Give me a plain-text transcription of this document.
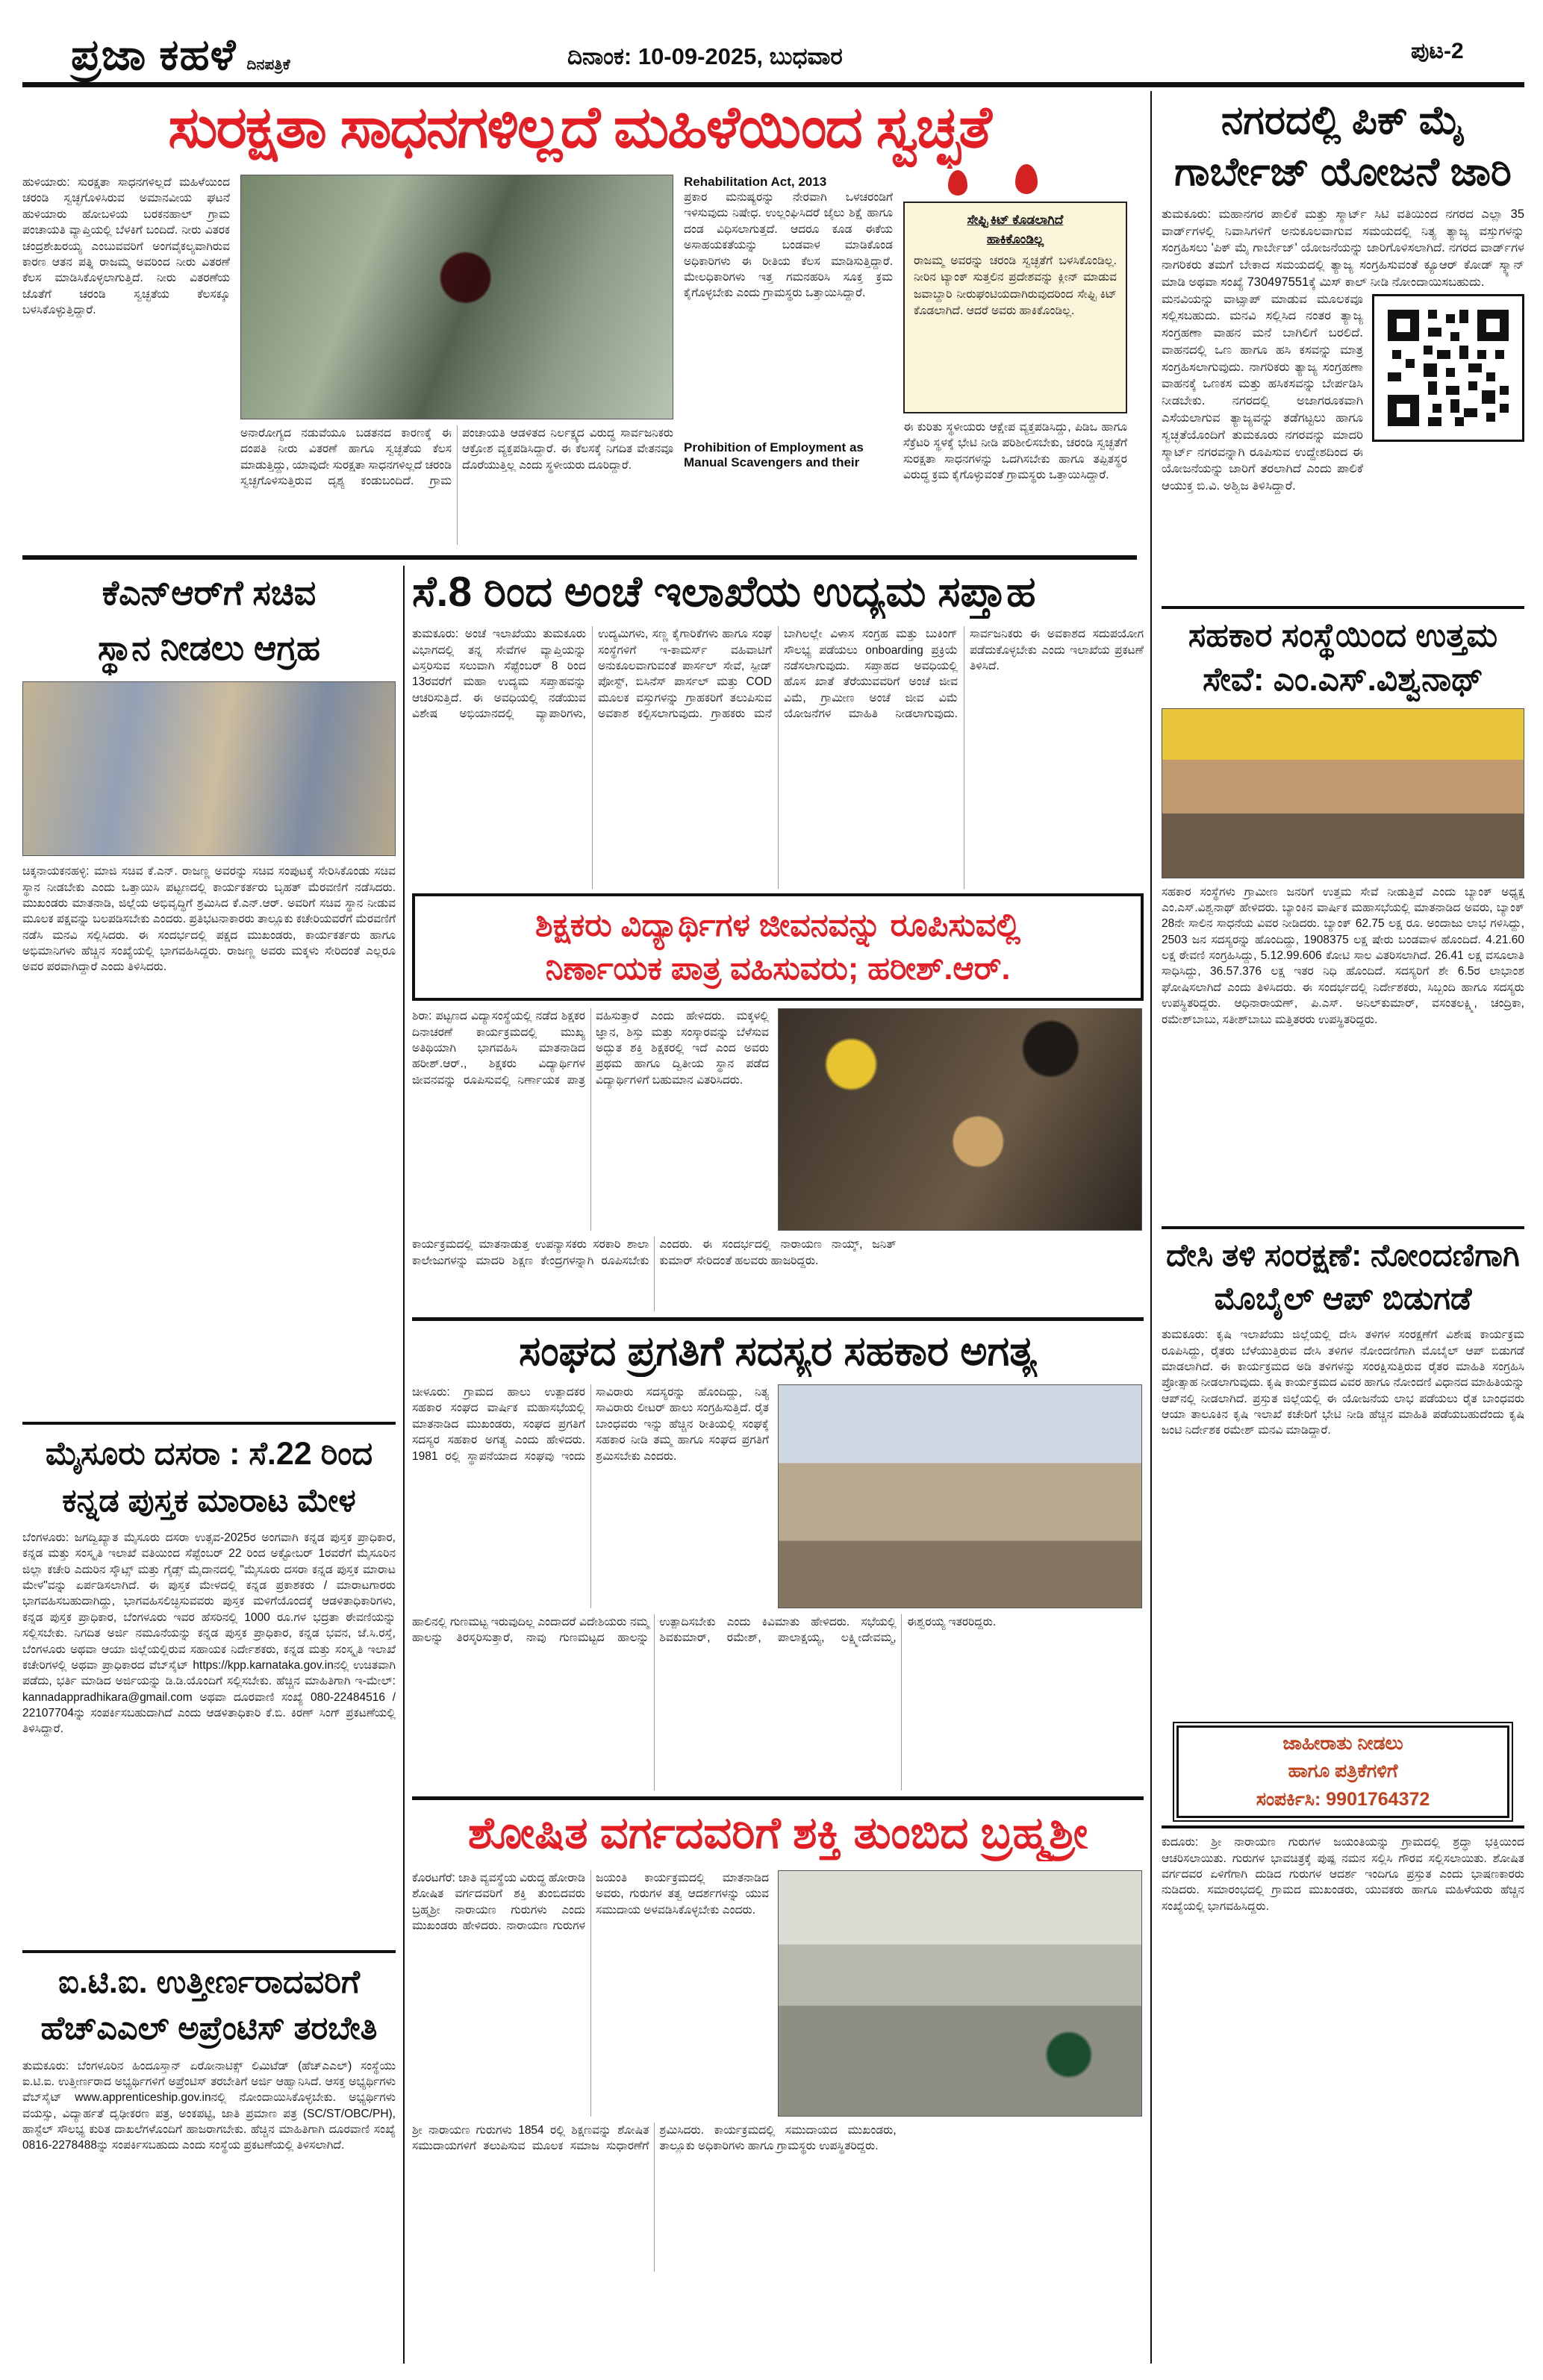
ಪ್ರಜಾ ಕಹಳೆ ದಿನಪತ್ರಿಕೆ	ದಿನಾಂಕ: 10-09-2025, ಬುಧವಾರ	ಪುಟ-2
ಸುರಕ್ಷತಾ ಸಾಧನಗಳಿಲ್ಲದೆ ಮಹಿಳೆಯಿಂದ ಸ್ವಚ್ಛತೆ
ಹುಳಿಯಾರು: ಸುರಕ್ಷತಾ ಸಾಧನಗಳಿಲ್ಲದೆ ಮಹಿಳೆಯಿಂದ ಚರಂಡಿ ಸ್ವಚ್ಛಗೊಳಿಸಿರುವ ಅಮಾನವೀಯ ಘಟನೆ ಹುಳಿಯಾರು ಹೋಬಳಿಯ ಬರಕನಹಾಲ್ ಗ್ರಾಮ ಪಂಚಾಯತಿ ವ್ಯಾಪ್ತಿಯಲ್ಲಿ ಬೆಳಕಿಗೆ ಬಂದಿದೆ. ನೀರು ವಿತರಕ ಚಂದ್ರಶೇಖರಯ್ಯ ಎಂಬುವವರಿಗೆ ಅಂಗವೈಕಲ್ಯವಾಗಿರುವ ಕಾರಣ ಆತನ ಪತ್ನಿ ರಾಜಮ್ಮ ಅವರಿಂದ ನೀರು ವಿತರಣೆ ಕೆಲಸ ಮಾಡಿಸಿಕೊಳ್ಳಲಾಗುತ್ತಿದೆ. ನೀರು ವಿತರಣೆಯ ಜೊತೆಗೆ ಚರಂಡಿ ಸ್ವಚ್ಛತೆಯ ಕೆಲಸಕ್ಕೂ ಬಳಸಿಕೊಳ್ಳುತ್ತಿದ್ದಾರೆ.
ಅನಾರೋಗ್ಯದ ನಡುವೆಯೂ ಬಡತನದ ಕಾರಣಕ್ಕೆ ಈ ದಂಪತಿ ನೀರು ವಿತರಣೆ ಹಾಗೂ ಸ್ವಚ್ಛತೆಯ ಕೆಲಸ ಮಾಡುತ್ತಿದ್ದು, ಯಾವುದೇ ಸುರಕ್ಷತಾ ಸಾಧನಗಳಿಲ್ಲದೆ ಚರಂಡಿ ಸ್ವಚ್ಛಗೊಳಿಸುತ್ತಿರುವ ದೃಶ್ಯ ಕಂಡುಬಂದಿದೆ. ಗ್ರಾಮ ಪಂಚಾಯತಿ ಆಡಳಿತದ ನಿರ್ಲಕ್ಷ್ಯದ ವಿರುದ್ಧ ಸಾರ್ವಜನಿಕರು ಆಕ್ರೋಶ ವ್ಯಕ್ತಪಡಿಸಿದ್ದಾರೆ. ಈ ಕೆಲಸಕ್ಕೆ ನಿಗದಿತ ವೇತನವೂ ದೊರೆಯುತ್ತಿಲ್ಲ ಎಂದು ಸ್ಥಳೀಯರು ದೂರಿದ್ದಾರೆ.
Rehabilitation Act, 2013
ಪ್ರಕಾರ ಮನುಷ್ಯರನ್ನು ನೇರವಾಗಿ ಒಳಚರಂಡಿಗೆ ಇಳಿಸುವುದು ನಿಷೇಧ. ಉಲ್ಲಂಘಿಸಿದರೆ ಜೈಲು ಶಿಕ್ಷೆ ಹಾಗೂ ದಂಡ ವಿಧಿಸಲಾಗುತ್ತದೆ. ಆದರೂ ಕೂಡ ಈಕೆಯ ಅಸಾಹಯಕತೆಯನ್ನು ಬಂಡವಾಳ ಮಾಡಿಕೊಂಡ ಅಧಿಕಾರಿಗಳು ಈ ರೀತಿಯ ಕೆಲಸ ಮಾಡಿಸುತ್ತಿದ್ದಾರೆ. ಮೇಲಧಿಕಾರಿಗಳು ಇತ್ತ ಗಮನಹರಿಸಿ ಸೂಕ್ತ ಕ್ರಮ ಕೈಗೊಳ್ಳಬೇಕು ಎಂದು ಗ್ರಾಮಸ್ಥರು ಒತ್ತಾಯಿಸಿದ್ದಾರೆ.
Prohibition of Employment as Manual Scavengers and their
ಸೇಫ್ಟಿ ಕಿಟ್ ಕೊಡಲಾಗಿದೆ
ಹಾಕಿಕೊಂಡಿಲ್ಲ
ರಾಜಮ್ಮ ಅವರನ್ನು ಚರಂಡಿ ಸ್ವಚ್ಛತೆಗೆ ಬಳಸಿಕೊಂಡಿಲ್ಲ. ನೀರಿನ ಟ್ಯಾಂಕ್ ಸುತ್ತಲಿನ ಪ್ರದೇಶವನ್ನು ಕ್ಲೀನ್ ಮಾಡುವ ಜವಾಬ್ದಾರಿ ನೀರುಘಂಟಿಯದಾಗಿರುವುದರಿಂದ ಸೇಫ್ಟಿ ಕಿಟ್ ಕೊಡಲಾಗಿದೆ. ಆದರೆ ಅವರು ಹಾಕಿಕೊಂಡಿಲ್ಲ.
ಈ ಕುರಿತು ಸ್ಥಳೀಯರು ಆಕ್ಷೇಪ ವ್ಯಕ್ತಪಡಿಸಿದ್ದು, ಪಿಡಿಒ ಹಾಗೂ ಸೆಕ್ರೆಟರಿ ಸ್ಥಳಕ್ಕೆ ಭೇಟಿ ನೀಡಿ ಪರಿಶೀಲಿಸಬೇಕು, ಚರಂಡಿ ಸ್ವಚ್ಛತೆಗೆ ಸುರಕ್ಷತಾ ಸಾಧನಗಳನ್ನು ಒದಗಿಸಬೇಕು ಹಾಗೂ ತಪ್ಪಿತಸ್ಥರ ವಿರುದ್ಧ ಕ್ರಮ ಕೈಗೊಳ್ಳುವಂತೆ ಗ್ರಾಮಸ್ಥರು ಒತ್ತಾಯಿಸಿದ್ದಾರೆ.
ಕೆಎನ್‌ಆರ್‌ಗೆ ಸಚಿವ
ಸ್ಥಾನ ನೀಡಲು ಆಗ್ರಹ
ಚಿಕ್ಕನಾಯಕನಹಳ್ಳಿ: ಮಾಜಿ ಸಚಿವ ಕೆ.ಎನ್. ರಾಜಣ್ಣ ಅವರನ್ನು ಸಚಿವ ಸಂಪುಟಕ್ಕೆ ಸೇರಿಸಿಕೊಂಡು ಸಚಿವ ಸ್ಥಾನ ನೀಡಬೇಕು ಎಂದು ಒತ್ತಾಯಿಸಿ ಪಟ್ಟಣದಲ್ಲಿ ಕಾರ್ಯಕರ್ತರು ಬೃಹತ್ ಮೆರವಣಿಗೆ ನಡೆಸಿದರು. ಮುಖಂಡರು ಮಾತನಾಡಿ, ಜಿಲ್ಲೆಯ ಅಭಿವೃದ್ಧಿಗೆ ಶ್ರಮಿಸಿದ ಕೆ.ಎನ್.ಆರ್. ಅವರಿಗೆ ಸಚಿವ ಸ್ಥಾನ ನೀಡುವ ಮೂಲಕ ಪಕ್ಷವನ್ನು ಬಲಪಡಿಸಬೇಕು ಎಂದರು. ಪ್ರತಿಭಟನಾಕಾರರು ತಾಲ್ಲೂಕು ಕಚೇರಿಯವರೆಗೆ ಮೆರವಣಿಗೆ ನಡೆಸಿ ಮನವಿ ಸಲ್ಲಿಸಿದರು. ಈ ಸಂದರ್ಭದಲ್ಲಿ ಪಕ್ಷದ ಮುಖಂಡರು, ಕಾರ್ಯಕರ್ತರು ಹಾಗೂ ಅಭಿಮಾನಿಗಳು ಹೆಚ್ಚಿನ ಸಂಖ್ಯೆಯಲ್ಲಿ ಭಾಗವಹಿಸಿದ್ದರು. ರಾಜಣ್ಣ ಅವರು ಮಕ್ಕಳು ಸೇರಿದಂತೆ ಎಲ್ಲರೂ ಅವರ ಪರವಾಗಿದ್ದಾರೆ ಎಂದು ತಿಳಿಸಿದರು.
ಮೈಸೂರು ದಸರಾ : ಸೆ.22 ರಿಂದ
ಕನ್ನಡ ಪುಸ್ತಕ ಮಾರಾಟ ಮೇಳ
ಬೆಂಗಳೂರು: ಜಗದ್ವಿಖ್ಯಾತ ಮೈಸೂರು ದಸರಾ ಉತ್ಸವ-2025ರ ಅಂಗವಾಗಿ ಕನ್ನಡ ಪುಸ್ತಕ ಪ್ರಾಧಿಕಾರ, ಕನ್ನಡ ಮತ್ತು ಸಂಸ್ಕೃತಿ ಇಲಾಖೆ ವತಿಯಿಂದ ಸೆಪ್ಟೆಂಬರ್ 22 ರಿಂದ ಅಕ್ಟೋಬರ್ 1ರವರೆಗೆ ಮೈಸೂರಿನ ಜಿಲ್ಲಾ ಕಚೇರಿ ಎದುರಿನ ಸ್ಕೌಟ್ಸ್ ಮತ್ತು ಗೈಡ್ಸ್ ಮೈದಾನದಲ್ಲಿ "ಮೈಸೂರು ದಸರಾ ಕನ್ನಡ ಪುಸ್ತಕ ಮಾರಾಟ ಮೇಳ"ವನ್ನು ಏರ್ಪಡಿಸಲಾಗಿದೆ. ಈ ಪುಸ್ತಕ ಮೇಳದಲ್ಲಿ ಕನ್ನಡ ಪ್ರಕಾಶಕರು / ಮಾರಾಟಗಾರರು ಭಾಗವಹಿಸಬಹುದಾಗಿದ್ದು, ಭಾಗವಹಿಸಲಿಚ್ಛಿಸುವವರು ಪುಸ್ತಕ ಮಳಿಗೆಯೊಂದಕ್ಕೆ ಆಡಳಿತಾಧಿಕಾರಿಗಳು, ಕನ್ನಡ ಪುಸ್ತಕ ಪ್ರಾಧಿಕಾರ, ಬೆಂಗಳೂರು ಇವರ ಹೆಸರಿನಲ್ಲಿ 1000 ರೂ.ಗಳ ಭದ್ರತಾ ಠೇವಣಿಯನ್ನು ಸಲ್ಲಿಸಬೇಕು. ನಿಗದಿತ ಅರ್ಜಿ ನಮೂನೆಯನ್ನು ಕನ್ನಡ ಪುಸ್ತಕ ಪ್ರಾಧಿಕಾರ, ಕನ್ನಡ ಭವನ, ಜೆ.ಸಿ.ರಸ್ತೆ, ಬೆಂಗಳೂರು ಅಥವಾ ಆಯಾ ಜಿಲ್ಲೆಯಲ್ಲಿರುವ ಸಹಾಯಕ ನಿರ್ದೇಶಕರು, ಕನ್ನಡ ಮತ್ತು ಸಂಸ್ಕೃತಿ ಇಲಾಖೆ ಕಚೇರಿಗಳಲ್ಲಿ ಅಥವಾ ಪ್ರಾಧಿಕಾರದ ವೆಬ್‌ಸೈಟ್ https://kpp.karnataka.gov.inನಲ್ಲಿ ಉಚಿತವಾಗಿ ಪಡೆದು, ಭರ್ತಿ ಮಾಡಿದ ಅರ್ಜಿಯನ್ನು ಡಿ.ಡಿ.ಯೊಂದಿಗೆ ಸಲ್ಲಿಸಬೇಕು. ಹೆಚ್ಚಿನ ಮಾಹಿತಿಗಾಗಿ ಇ-ಮೇಲ್: kannadappradhikara@gmail.com ಅಥವಾ ದೂರವಾಣಿ ಸಂಖ್ಯೆ 080-22484516 / 22107704ನ್ನು ಸಂಪರ್ಕಿಸಬಹುದಾಗಿದೆ ಎಂದು ಆಡಳಿತಾಧಿಕಾರಿ ಕೆ.ಬಿ. ಕಿರಣ್ ಸಿಂಗ್ ಪ್ರಕಟಣೆಯಲ್ಲಿ ತಿಳಿಸಿದ್ದಾರೆ.
ಐ.ಟಿ.ಐ. ಉತ್ತೀರ್ಣರಾದವರಿಗೆ
ಹೆಚ್‌ಎಎಲ್ ಅಪ್ರೆಂಟಿಸ್ ತರಬೇತಿ
ತುಮಕೂರು: ಬೆಂಗಳೂರಿನ ಹಿಂದೂಸ್ತಾನ್ ಏರೋನಾಟಿಕ್ಸ್ ಲಿಮಿಟೆಡ್ (ಹೆಚ್‌ಎಎಲ್) ಸಂಸ್ಥೆಯು ಐ.ಟಿ.ಐ. ಉತ್ತೀರ್ಣರಾದ ಅಭ್ಯರ್ಥಿಗಳಿಗೆ ಅಪ್ರೆಂಟಿಸ್ ತರಬೇತಿಗೆ ಅರ್ಜಿ ಆಹ್ವಾನಿಸಿದೆ. ಆಸಕ್ತ ಅಭ್ಯರ್ಥಿಗಳು ವೆಬ್‌ಸೈಟ್ www.apprenticeship.gov.inನಲ್ಲಿ ನೋಂದಾಯಿಸಿಕೊಳ್ಳಬೇಕು. ಅಭ್ಯರ್ಥಿಗಳು ವಯಸ್ಸು, ವಿದ್ಯಾರ್ಹತೆ ದೃಢೀಕರಣ ಪತ್ರ, ಅಂಕಪಟ್ಟಿ, ಜಾತಿ ಪ್ರಮಾಣ ಪತ್ರ (SC/ST/OBC/PH), ಹಾಸ್ಟೆಲ್ ಸೌಲಭ್ಯ ಕುರಿತ ದಾಖಲೆಗಳೊಂದಿಗೆ ಹಾಜರಾಗಬೇಕು. ಹೆಚ್ಚಿನ ಮಾಹಿತಿಗಾಗಿ ದೂರವಾಣಿ ಸಂಖ್ಯೆ 0816-2278488ನ್ನು ಸಂಪರ್ಕಿಸಬಹುದು ಎಂದು ಸಂಸ್ಥೆಯ ಪ್ರಕಟಣೆಯಲ್ಲಿ ತಿಳಿಸಲಾಗಿದೆ.
ಸೆ.8 ರಿಂದ ಅಂಚೆ ಇಲಾಖೆಯ ಉದ್ಯಮ ಸಪ್ತಾಹ
ತುಮಕೂರು: ಅಂಚೆ ಇಲಾಖೆಯು ತುಮಕೂರು ವಿಭಾಗದಲ್ಲಿ ತನ್ನ ಸೇವೆಗಳ ವ್ಯಾಪ್ತಿಯನ್ನು ವಿಸ್ತರಿಸುವ ಸಲುವಾಗಿ ಸೆಪ್ಟೆಂಬರ್ 8 ರಿಂದ 13ರವರೆಗೆ ಮಹಾ ಉದ್ಯಮ ಸಪ್ತಾಹವನ್ನು ಆಚರಿಸುತ್ತಿದೆ. ಈ ಅವಧಿಯಲ್ಲಿ ನಡೆಯುವ ವಿಶೇಷ ಅಭಿಯಾನದಲ್ಲಿ ವ್ಯಾಪಾರಿಗಳು, ಉದ್ಯಮಿಗಳು, ಸಣ್ಣ ಕೈಗಾರಿಕೆಗಳು ಹಾಗೂ ಸಂಘ ಸಂಸ್ಥೆಗಳಿಗೆ ಇ-ಕಾಮರ್ಸ್ ವಹಿವಾಟಿಗೆ ಅನುಕೂಲವಾಗುವಂತೆ ಪಾರ್ಸಲ್ ಸೇವೆ, ಸ್ಪೀಡ್ ಪೋಸ್ಟ್, ಬಿಸಿನೆಸ್ ಪಾರ್ಸಲ್ ಮತ್ತು COD ಮೂಲಕ ವಸ್ತುಗಳನ್ನು ಗ್ರಾಹಕರಿಗೆ ತಲುಪಿಸುವ ಅವಕಾಶ ಕಲ್ಪಿಸಲಾಗುವುದು. ಗ್ರಾಹಕರು ಮನೆ ಬಾಗಿಲಲ್ಲೇ ವಿಳಾಸ ಸಂಗ್ರಹ ಮತ್ತು ಬುಕಿಂಗ್ ಸೌಲಭ್ಯ ಪಡೆಯಲು onboarding ಪ್ರಕ್ರಿಯೆ ನಡೆಸಲಾಗುವುದು. ಸಪ್ತಾಹದ ಅವಧಿಯಲ್ಲಿ ಹೊಸ ಖಾತೆ ತೆರೆಯುವವರಿಗೆ ಅಂಚೆ ಜೀವ ವಿಮೆ, ಗ್ರಾಮೀಣ ಅಂಚೆ ಜೀವ ವಿಮೆ ಯೋಜನೆಗಳ ಮಾಹಿತಿ ನೀಡಲಾಗುವುದು. ಸಾರ್ವಜನಿಕರು ಈ ಅವಕಾಶದ ಸದುಪಯೋಗ ಪಡೆದುಕೊಳ್ಳಬೇಕು ಎಂದು ಇಲಾಖೆಯ ಪ್ರಕಟಣೆ ತಿಳಿಸಿದೆ.
ಶಿಕ್ಷಕರು ವಿದ್ಯಾರ್ಥಿಗಳ ಜೀವನವನ್ನು ರೂಪಿಸುವಲ್ಲಿ
ನಿರ್ಣಾಯಕ ಪಾತ್ರ ವಹಿಸುವರು; ಹರೀಶ್.ಆರ್.
ಶಿರಾ: ಪಟ್ಟಣದ ವಿದ್ಯಾಸಂಸ್ಥೆಯಲ್ಲಿ ನಡೆದ ಶಿಕ್ಷಕರ ದಿನಾಚರಣೆ ಕಾರ್ಯಕ್ರಮದಲ್ಲಿ ಮುಖ್ಯ ಅತಿಥಿಯಾಗಿ ಭಾಗವಹಿಸಿ ಮಾತನಾಡಿದ ಹರೀಶ್.ಆರ್., ಶಿಕ್ಷಕರು ವಿದ್ಯಾರ್ಥಿಗಳ ಜೀವನವನ್ನು ರೂಪಿಸುವಲ್ಲಿ ನಿರ್ಣಾಯಕ ಪಾತ್ರ ವಹಿಸುತ್ತಾರೆ ಎಂದು ಹೇಳಿದರು. ಮಕ್ಕಳಲ್ಲಿ ಜ್ಞಾನ, ಶಿಸ್ತು ಮತ್ತು ಸಂಸ್ಕಾರವನ್ನು ಬೆಳೆಸುವ ಅದ್ಭುತ ಶಕ್ತಿ ಶಿಕ್ಷಕರಲ್ಲಿ ಇದೆ ಎಂದ ಅವರು ಪ್ರಥಮ ಹಾಗೂ ದ್ವಿತೀಯ ಸ್ಥಾನ ಪಡೆದ ವಿದ್ಯಾರ್ಥಿಗಳಿಗೆ ಬಹುಮಾನ ವಿತರಿಸಿದರು.
ಕಾರ್ಯಕ್ರಮದಲ್ಲಿ ಮಾತನಾಡುತ್ತ ಉಪನ್ಯಾಸಕರು ಸರಕಾರಿ ಶಾಲಾ ಕಾಲೇಜುಗಳನ್ನು ಮಾದರಿ ಶಿಕ್ಷಣ ಕೇಂದ್ರಗಳನ್ನಾಗಿ ರೂಪಿಸಬೇಕು ಎಂದರು. ಈ ಸಂದರ್ಭದಲ್ಲಿ ನಾರಾಯಣ ನಾಯ್ಕ್, ಜನಿತ್ ಕುಮಾರ್ ಸೇರಿದಂತೆ ಹಲವರು ಹಾಜರಿದ್ದರು.
ಸಂಘದ ಪ್ರಗತಿಗೆ ಸದಸ್ಯರ ಸಹಕಾರ ಅಗತ್ಯ
ಚೀಳೂರು: ಗ್ರಾಮದ ಹಾಲು ಉತ್ಪಾದಕರ ಸಹಕಾರ ಸಂಘದ ವಾರ್ಷಿಕ ಮಹಾಸಭೆಯಲ್ಲಿ ಮಾತನಾಡಿದ ಮುಖಂಡರು, ಸಂಘದ ಪ್ರಗತಿಗೆ ಸದಸ್ಯರ ಸಹಕಾರ ಅಗತ್ಯ ಎಂದು ಹೇಳಿದರು. 1981 ರಲ್ಲಿ ಸ್ಥಾಪನೆಯಾದ ಸಂಘವು ಇಂದು ಸಾವಿರಾರು ಸದಸ್ಯರನ್ನು ಹೊಂದಿದ್ದು, ನಿತ್ಯ ಸಾವಿರಾರು ಲೀಟರ್ ಹಾಲು ಸಂಗ್ರಹಿಸುತ್ತಿದೆ. ರೈತ ಬಾಂಧವರು ಇನ್ನು ಹೆಚ್ಚಿನ ರೀತಿಯಲ್ಲಿ ಸಂಘಕ್ಕೆ ಸಹಕಾರ ನೀಡಿ ತಮ್ಮ ಹಾಗೂ ಸಂಘದ ಪ್ರಗತಿಗೆ ಶ್ರಮಿಸಬೇಕು ಎಂದರು.
ಹಾಲಿನಲ್ಲಿ ಗುಣಮಟ್ಟ ಇರುವುದಿಲ್ಲ ಎಂದಾದರೆ ವಿದೇಶಿಯರು ನಮ್ಮ ಹಾಲನ್ನು ತಿರಸ್ಕರಿಸುತ್ತಾರೆ, ನಾವು ಗುಣಮಟ್ಟದ ಹಾಲನ್ನು ಉತ್ಪಾದಿಸಬೇಕು ಎಂದು ಕಿವಿಮಾತು ಹೇಳಿದರು. ಸಭೆಯಲ್ಲಿ ಶಿವಕುಮಾರ್, ರಮೇಶ್, ಪಾಲಾಕ್ಷಯ್ಯ, ಲಕ್ಷ್ಮೀದೇವಮ್ಮ, ಈಶ್ವರಯ್ಯ ಇತರರಿದ್ದರು.
ಶೋಷಿತ ವರ್ಗದವರಿಗೆ ಶಕ್ತಿ ತುಂಬಿದ ಬ್ರಹ್ಮಶ್ರೀ
ಕೊರಟಗೆರೆ: ಜಾತಿ ವ್ಯವಸ್ಥೆಯ ವಿರುದ್ಧ ಹೋರಾಡಿ ಶೋಷಿತ ವರ್ಗದವರಿಗೆ ಶಕ್ತಿ ತುಂಬಿದವರು ಬ್ರಹ್ಮಶ್ರೀ ನಾರಾಯಣ ಗುರುಗಳು ಎಂದು ಮುಖಂಡರು ಹೇಳಿದರು. ನಾರಾಯಣ ಗುರುಗಳ ಜಯಂತಿ ಕಾರ್ಯಕ್ರಮದಲ್ಲಿ ಮಾತನಾಡಿದ ಅವರು, ಗುರುಗಳ ತತ್ವ ಆದರ್ಶಗಳನ್ನು ಯುವ ಸಮುದಾಯ ಅಳವಡಿಸಿಕೊಳ್ಳಬೇಕು ಎಂದರು.
ಶ್ರೀ ನಾರಾಯಣ ಗುರುಗಳು 1854 ರಲ್ಲಿ ಶಿಕ್ಷಣವನ್ನು ಶೋಷಿತ ಸಮುದಾಯಗಳಿಗೆ ತಲುಪಿಸುವ ಮೂಲಕ ಸಮಾಜ ಸುಧಾರಣೆಗೆ ಶ್ರಮಿಸಿದರು. ಕಾರ್ಯಕ್ರಮದಲ್ಲಿ ಸಮುದಾಯದ ಮುಖಂಡರು, ತಾಲ್ಲೂಕು ಅಧಿಕಾರಿಗಳು ಹಾಗೂ ಗ್ರಾಮಸ್ಥರು ಉಪಸ್ಥಿತರಿದ್ದರು.
ನಗರದಲ್ಲಿ ಪಿಕ್ ಮೈ ಗಾರ್ಬೇಜ್ ಯೋಜನೆ ಜಾರಿ
ತುಮಕೂರು: ಮಹಾನಗರ ಪಾಲಿಕೆ ಮತ್ತು ಸ್ಮಾರ್ಟ್ ಸಿಟಿ ವತಿಯಿಂದ ನಗರದ ಎಲ್ಲಾ 35 ವಾರ್ಡ್‌ಗಳಲ್ಲಿ ನಿವಾಸಿಗಳಿಗೆ ಅನುಕೂಲವಾಗುವ ಸಮಯದಲ್ಲಿ ನಿತ್ಯ ತ್ಯಾಜ್ಯ ವಸ್ತುಗಳನ್ನು ಸಂಗ್ರಹಿಸಲು 'ಪಿಕ್ ಮೈ ಗಾರ್ಬೇಜ್' ಯೋಜನೆಯನ್ನು ಜಾರಿಗೊಳಿಸಲಾಗಿದೆ. ನಗರದ ವಾರ್ಡ್‌ಗಳ ನಾಗರಿಕರು ತಮಗೆ ಬೇಕಾದ ಸಮಯದಲ್ಲಿ ತ್ಯಾಜ್ಯ ಸಂಗ್ರಹಿಸುವಂತೆ ಕ್ಯೂಆರ್ ಕೋಡ್ ಸ್ಕ್ಯಾನ್ ಮಾಡಿ ಅಥವಾ ಸಂಖ್ಯೆ 730497551ಕ್ಕೆ ಮಿಸ್ ಕಾಲ್ ನೀಡಿ ನೋಂದಾಯಿಸಬಹುದು.
ಮನವಿಯನ್ನು ವಾಟ್ಸಾಪ್ ಮಾಡುವ ಮೂಲಕವೂ ಸಲ್ಲಿಸಬಹುದು. ಮನವಿ ಸಲ್ಲಿಸಿದ ನಂತರ ತ್ಯಾಜ್ಯ ಸಂಗ್ರಹಣಾ ವಾಹನ ಮನೆ ಬಾಗಿಲಿಗೆ ಬರಲಿದೆ. ವಾಹನದಲ್ಲಿ ಒಣ ಹಾಗೂ ಹಸಿ ಕಸವನ್ನು ಮಾತ್ರ ಸಂಗ್ರಹಿಸಲಾಗುವುದು. ನಾಗರಿಕರು ತ್ಯಾಜ್ಯ ಸಂಗ್ರಹಣಾ ವಾಹನಕ್ಕೆ ಒಣಕಸ ಮತ್ತು ಹಸಿಕಸವನ್ನು ಬೇರ್ಪಡಿಸಿ ನೀಡಬೇಕು. ನಗರದಲ್ಲಿ ಅಜಾಗರೂಕವಾಗಿ ಎಸೆಯಲಾಗುವ ತ್ಯಾಜ್ಯವನ್ನು ತಡೆಗಟ್ಟಲು ಹಾಗೂ ಸ್ವಚ್ಛತೆಯೊಂದಿಗೆ ತುಮಕೂರು ನಗರವನ್ನು ಮಾದರಿ ಸ್ಮಾರ್ಟ್ ನಗರವನ್ನಾಗಿ ರೂಪಿಸುವ ಉದ್ದೇಶದಿಂದ ಈ ಯೋಜನೆಯನ್ನು ಜಾರಿಗೆ ತರಲಾಗಿದೆ ಎಂದು ಪಾಲಿಕೆ ಆಯುಕ್ತ ಬಿ.ವಿ. ಅಶ್ವಿಜ ತಿಳಿಸಿದ್ದಾರೆ.
ಸಹಕಾರ ಸಂಸ್ಥೆಯಿಂದ ಉತ್ತಮ
ಸೇವೆ: ಎಂ.ಎಸ್.ವಿಶ್ವನಾಥ್
ಸಹಕಾರ ಸಂಸ್ಥೆಗಳು ಗ್ರಾಮೀಣ ಜನರಿಗೆ ಉತ್ತಮ ಸೇವೆ ನೀಡುತ್ತಿವೆ ಎಂದು ಬ್ಯಾಂಕ್ ಅಧ್ಯಕ್ಷ ಎಂ.ಎಸ್.ವಿಶ್ವನಾಥ್ ಹೇಳಿದರು. ಬ್ಯಾಂಕಿನ ವಾರ್ಷಿಕ ಮಹಾಸಭೆಯಲ್ಲಿ ಮಾತನಾಡಿದ ಅವರು, ಬ್ಯಾಂಕ್ 28ನೇ ಸಾಲಿನ ಸಾಧನೆಯ ವಿವರ ನೀಡಿದರು. ಬ್ಯಾಂಕ್ 62.75 ಲಕ್ಷ ರೂ. ಅಂದಾಜು ಲಾಭ ಗಳಿಸಿದ್ದು, 2503 ಜನ ಸದಸ್ಯರನ್ನು ಹೊಂದಿದ್ದು, 1908375 ಲಕ್ಷ ಷೇರು ಬಂಡವಾಳ ಹೊಂದಿದೆ. 4.21.60 ಲಕ್ಷ ಠೇವಣಿ ಸಂಗ್ರಹಿಸಿದ್ದು, 5.12.99.606 ಕೋಟಿ ಸಾಲ ವಿತರಿಸಲಾಗಿದೆ. 26.41 ಲಕ್ಷ ವಸೂಲಾತಿ ಸಾಧಿಸಿದ್ದು, 36.57.376 ಲಕ್ಷ ಇತರ ನಿಧಿ ಹೊಂದಿದೆ. ಸದಸ್ಯರಿಗೆ ಶೇ 6.5ರ ಲಾಭಾಂಶ ಘೋಷಿಸಲಾಗಿದೆ ಎಂದು ತಿಳಿಸಿದರು. ಈ ಸಂದರ್ಭದಲ್ಲಿ ನಿರ್ದೇಶಕರು, ಸಿಬ್ಬಂದಿ ಹಾಗೂ ಸದಸ್ಯರು ಉಪಸ್ಥಿತರಿದ್ದರು. ಆಧಿನಾರಾಯಣ್, ಪಿ.ಎಸ್. ಅನಿಲ್‌ಕುಮಾರ್, ವಸಂತಲಕ್ಷ್ಮಿ, ಚಂದ್ರಿಕಾ, ರಮೇಶ್‌ಬಾಬು, ಸತೀಶ್‌ಬಾಬು ಮತ್ತಿತರರು ಉಪಸ್ಥಿತರಿದ್ದರು.
ದೇಸಿ ತಳಿ ಸಂರಕ್ಷಣೆ: ನೋಂದಣಿಗಾಗಿ
ಮೊಬೈಲ್ ಆಪ್ ಬಿಡುಗಡೆ
ತುಮಕೂರು: ಕೃಷಿ ಇಲಾಖೆಯು ಜಿಲ್ಲೆಯಲ್ಲಿ ದೇಸಿ ತಳಿಗಳ ಸಂರಕ್ಷಣೆಗೆ ವಿಶೇಷ ಕಾರ್ಯಕ್ರಮ ರೂಪಿಸಿದ್ದು, ರೈತರು ಬೆಳೆಯುತ್ತಿರುವ ದೇಸಿ ತಳಿಗಳ ನೋಂದಣಿಗಾಗಿ ಮೊಬೈಲ್ ಆಪ್ ಬಿಡುಗಡೆ ಮಾಡಲಾಗಿದೆ. ಈ ಕಾರ್ಯಕ್ರಮದ ಅಡಿ ತಳಿಗಳನ್ನು ಸಂರಕ್ಷಿಸುತ್ತಿರುವ ರೈತರ ಮಾಹಿತಿ ಸಂಗ್ರಹಿಸಿ ಪ್ರೋತ್ಸಾಹ ನೀಡಲಾಗುವುದು. ಕೃಷಿ ಕಾರ್ಯಕ್ರಮದ ವಿವರ ಹಾಗೂ ನೋಂದಣಿ ವಿಧಾನದ ಮಾಹಿತಿಯನ್ನು ಆಪ್‌ನಲ್ಲಿ ನೀಡಲಾಗಿದೆ. ಪ್ರಸ್ತುತ ಜಿಲ್ಲೆಯಲ್ಲಿ ಈ ಯೋಜನೆಯ ಲಾಭ ಪಡೆಯಲು ರೈತ ಬಾಂಧವರು ಆಯಾ ತಾಲೂಕಿನ ಕೃಷಿ ಇಲಾಖೆ ಕಚೇರಿಗೆ ಭೇಟಿ ನೀಡಿ ಹೆಚ್ಚಿನ ಮಾಹಿತಿ ಪಡೆಯಬಹುದೆಂದು ಕೃಷಿ ಜಂಟಿ ನಿರ್ದೇಶಕ ರಮೇಶ್ ಮನವಿ ಮಾಡಿದ್ದಾರೆ.
ಜಾಹೀರಾತು ನೀಡಲು
ಹಾಗೂ ಪತ್ರಿಕೆಗಳಿಗೆ
ಸಂಪರ್ಕಿಸಿ: 9901764372
ಕುದೂರು: ಶ್ರೀ ನಾರಾಯಣ ಗುರುಗಳ ಜಯಂತಿಯನ್ನು ಗ್ರಾಮದಲ್ಲಿ ಶ್ರದ್ಧಾ ಭಕ್ತಿಯಿಂದ ಆಚರಿಸಲಾಯಿತು. ಗುರುಗಳ ಭಾವಚಿತ್ರಕ್ಕೆ ಪುಷ್ಪ ನಮನ ಸಲ್ಲಿಸಿ ಗೌರವ ಸಲ್ಲಿಸಲಾಯಿತು. ಶೋಷಿತ ವರ್ಗದವರ ಏಳಿಗೆಗಾಗಿ ದುಡಿದ ಗುರುಗಳ ಆದರ್ಶ ಇಂದಿಗೂ ಪ್ರಸ್ತುತ ಎಂದು ಭಾಷಣಕಾರರು ನುಡಿದರು. ಸಮಾರಂಭದಲ್ಲಿ ಗ್ರಾಮದ ಮುಖಂಡರು, ಯುವಕರು ಹಾಗೂ ಮಹಿಳೆಯರು ಹೆಚ್ಚಿನ ಸಂಖ್ಯೆಯಲ್ಲಿ ಭಾಗವಹಿಸಿದ್ದರು.
